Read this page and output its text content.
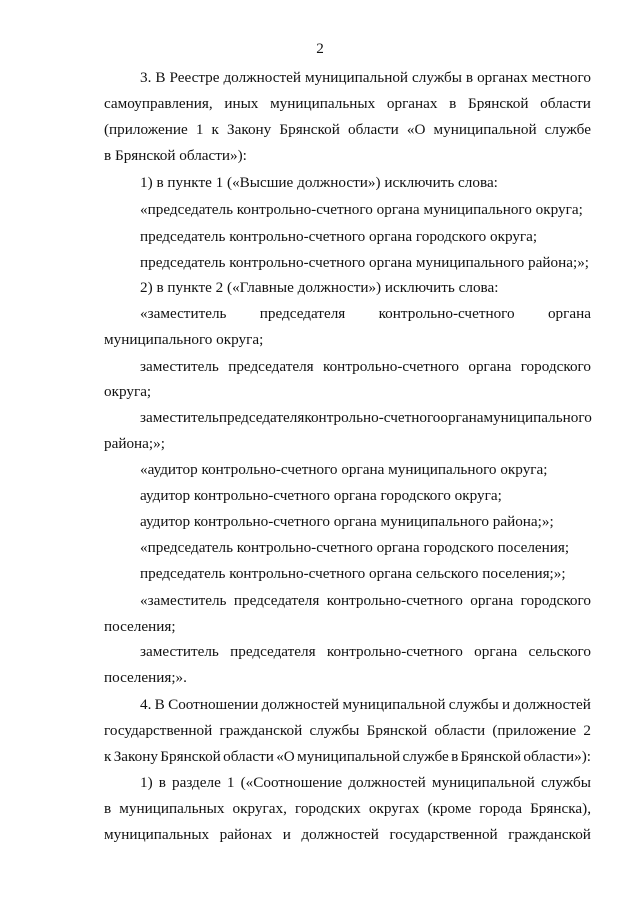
2
3. В Реестре должностей муниципальной службы в органах местного
самоуправления, иных муниципальных органах в Брянской области
(приложение 1 к Закону Брянской области «О муниципальной службе
в Брянской области»):
1) в пункте 1 («Высшие должности») исключить слова:
«председатель контрольно-счетного органа муниципального округа;
председатель контрольно-счетного органа городского округа;
председатель контрольно-счетного органа муниципального района;»;
2) в пункте 2 («Главные должности») исключить слова:
«заместитель председателя контрольно-счетного органа
муниципального округа;
заместитель председателя контрольно-счетного органа городского
округа;
заместитель председателя контрольно-счетного органа муниципального
района;»;
«аудитор контрольно-счетного органа муниципального округа;
аудитор контрольно-счетного органа городского округа;
аудитор контрольно-счетного органа муниципального района;»;
«председатель контрольно-счетного органа городского поселения;
председатель контрольно-счетного органа сельского поселения;»;
«заместитель председателя контрольно-счетного органа городского
поселения;
заместитель председателя контрольно-счетного органа сельского
поселения;».
4. В Соотношении должностей муниципальной службы и должностей
государственной гражданской службы Брянской области (приложение 2
к Закону Брянской области «О муниципальной службе в Брянской области»):
1) в разделе 1 («Соотношение должностей муниципальной службы
в муниципальных округах, городских округах (кроме города Брянска),
муниципальных районах и должностей государственной гражданской
